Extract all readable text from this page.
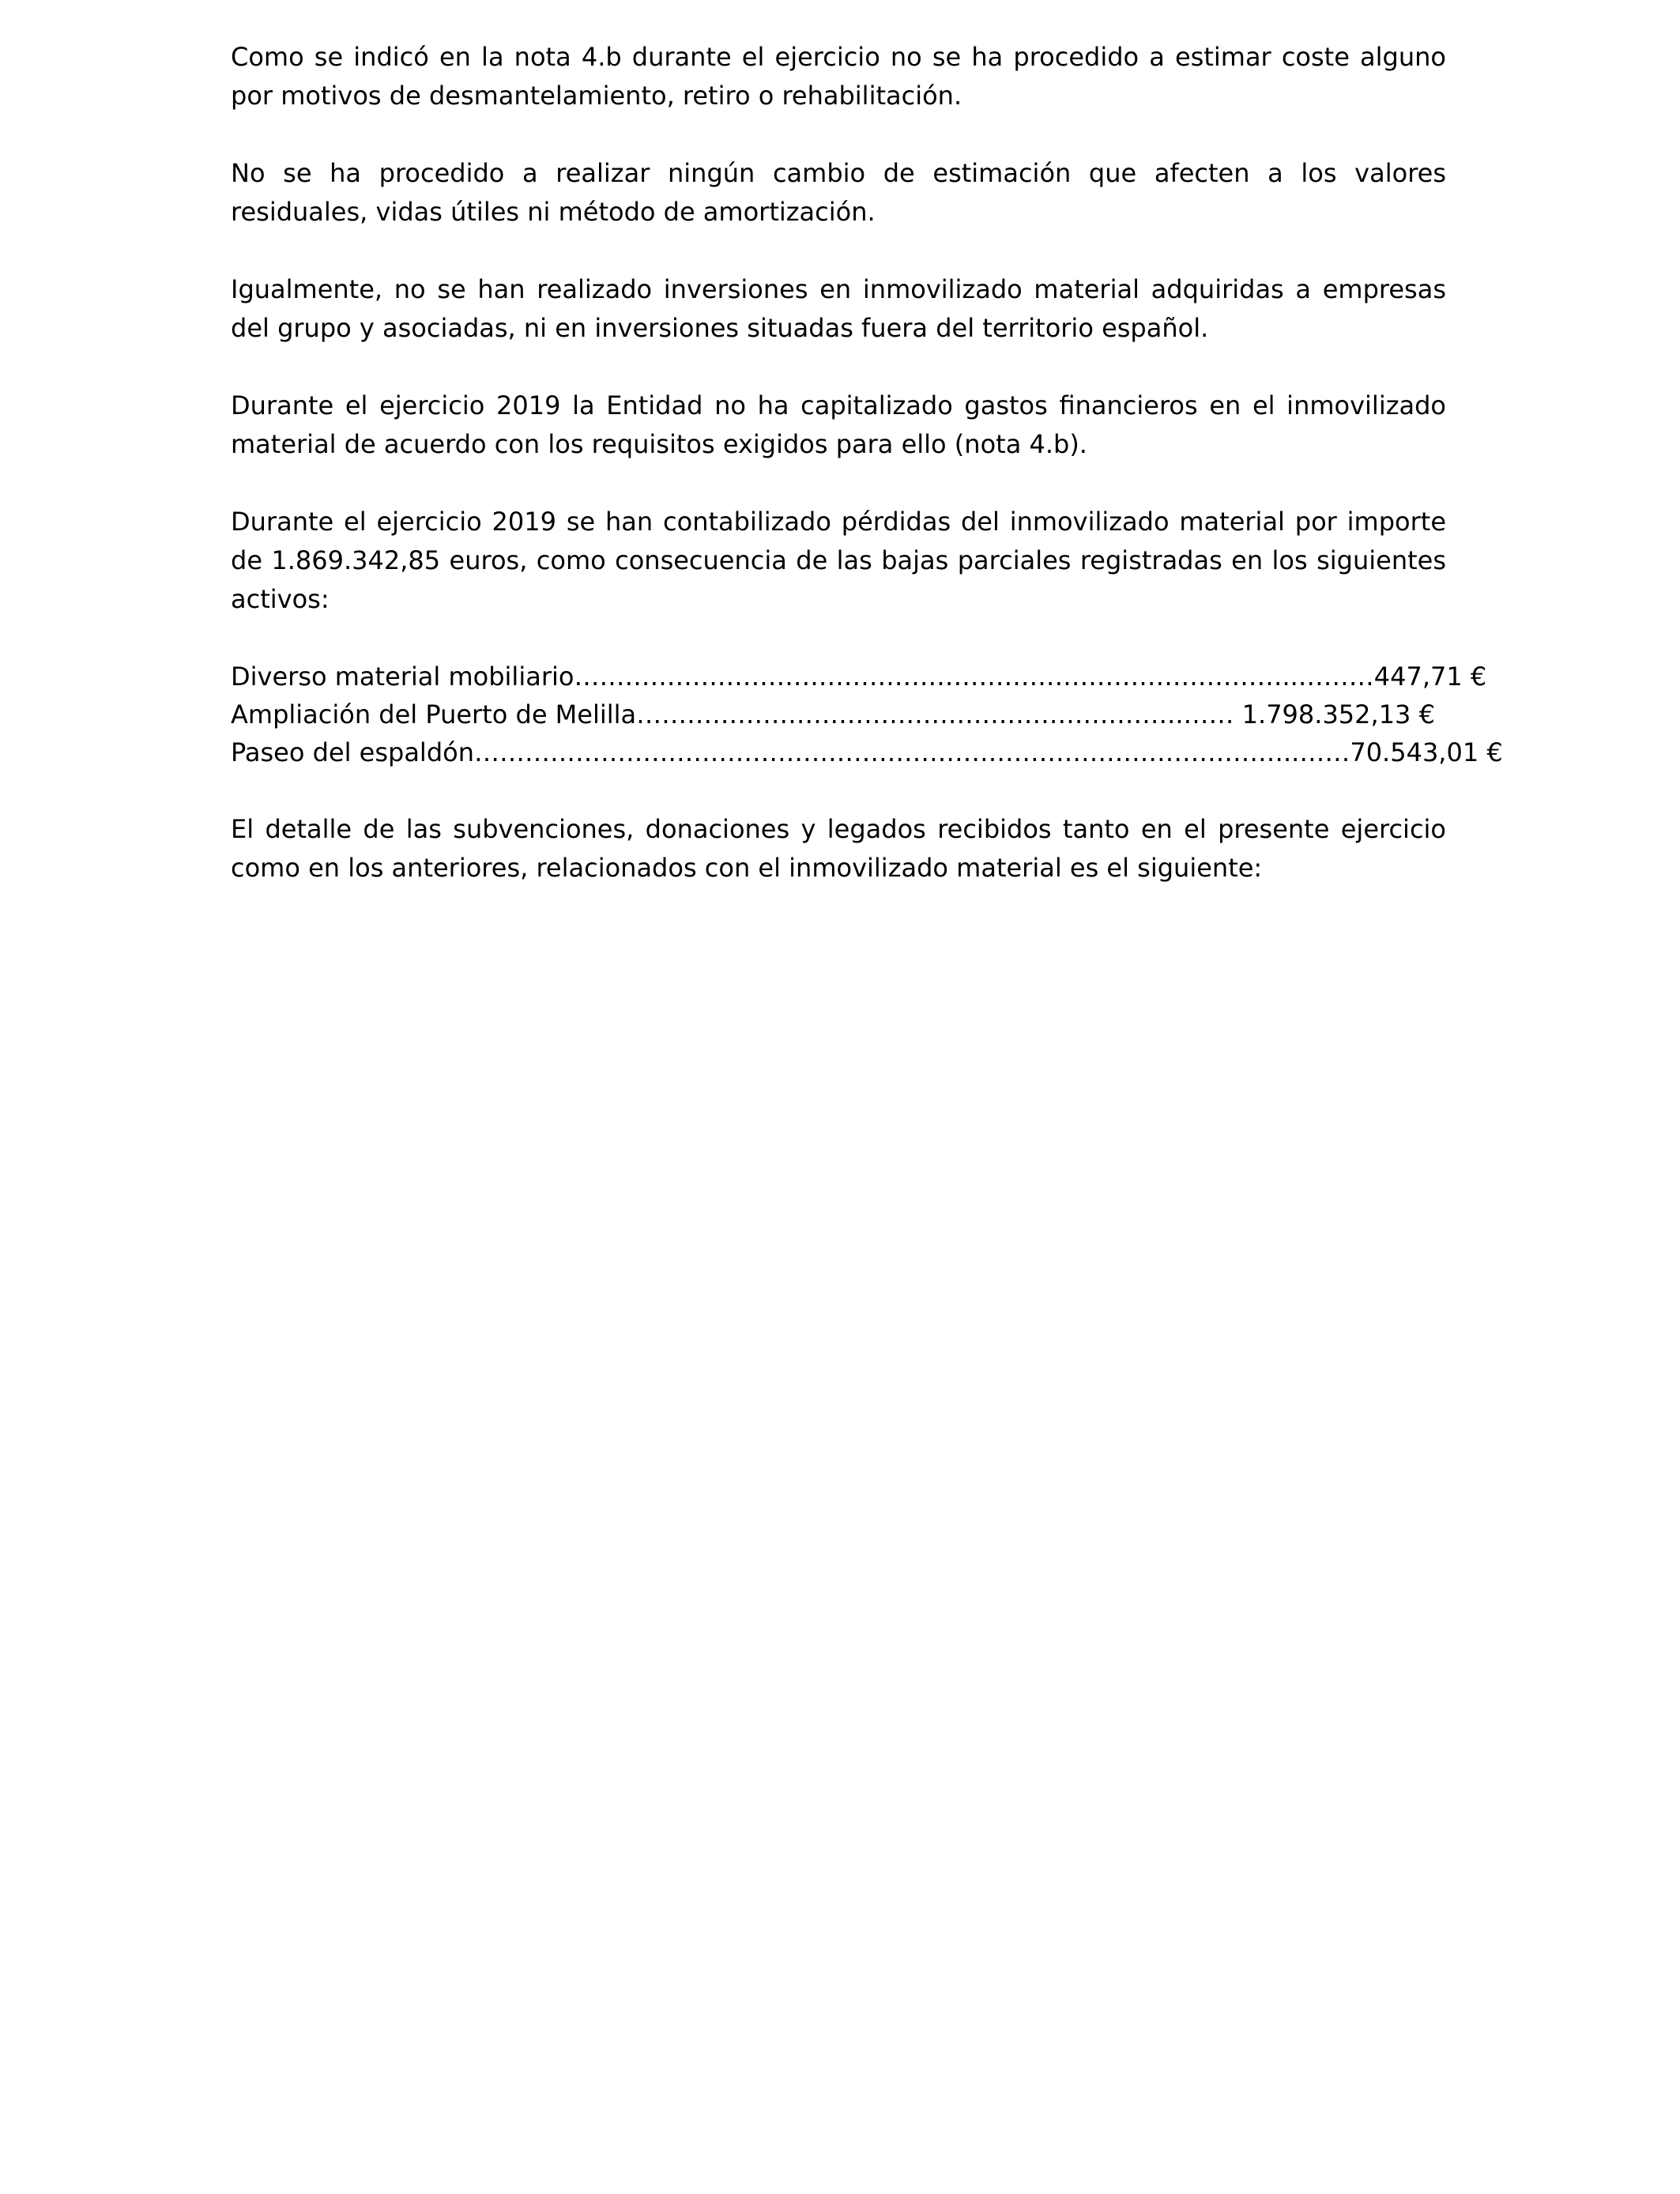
Como se indicó en la nota 4.b durante el ejercicio no se ha procedido a estimar coste alguno por motivos de desmantelamiento, retiro o rehabilitación.

No se ha procedido a realizar ningún cambio de estimación que afecten a los valores residuales, vidas útiles ni método de amortización.

Igualmente, no se han realizado inversiones en inmovilizado material adquiridas a empresas del grupo y asociadas, ni en inversiones situadas fuera del territorio español.

Durante el ejercicio 2019 la Entidad no ha capitalizado gastos financieros en el inmovilizado material de acuerdo con los requisitos exigidos para ello (nota 4.b).

Durante el ejercicio 2019 se han contabilizado pérdidas del inmovilizado material por importe de 1.869.342,85 euros, como consecuencia de las bajas parciales registradas en los siguientes activos:

Diverso material mobiliario…………………………………………………………………………..………447,71 €
Ampliación del Puerto de Melilla………………………………………………………..…… 1.798.352,13 €
Paseo del espaldón……………………………………………………………………………………..……70.543,01 €

El detalle de las subvenciones, donaciones y legados recibidos tanto en el presente ejercicio como en los anteriores, relacionados con el inmovilizado material es el siguiente:
